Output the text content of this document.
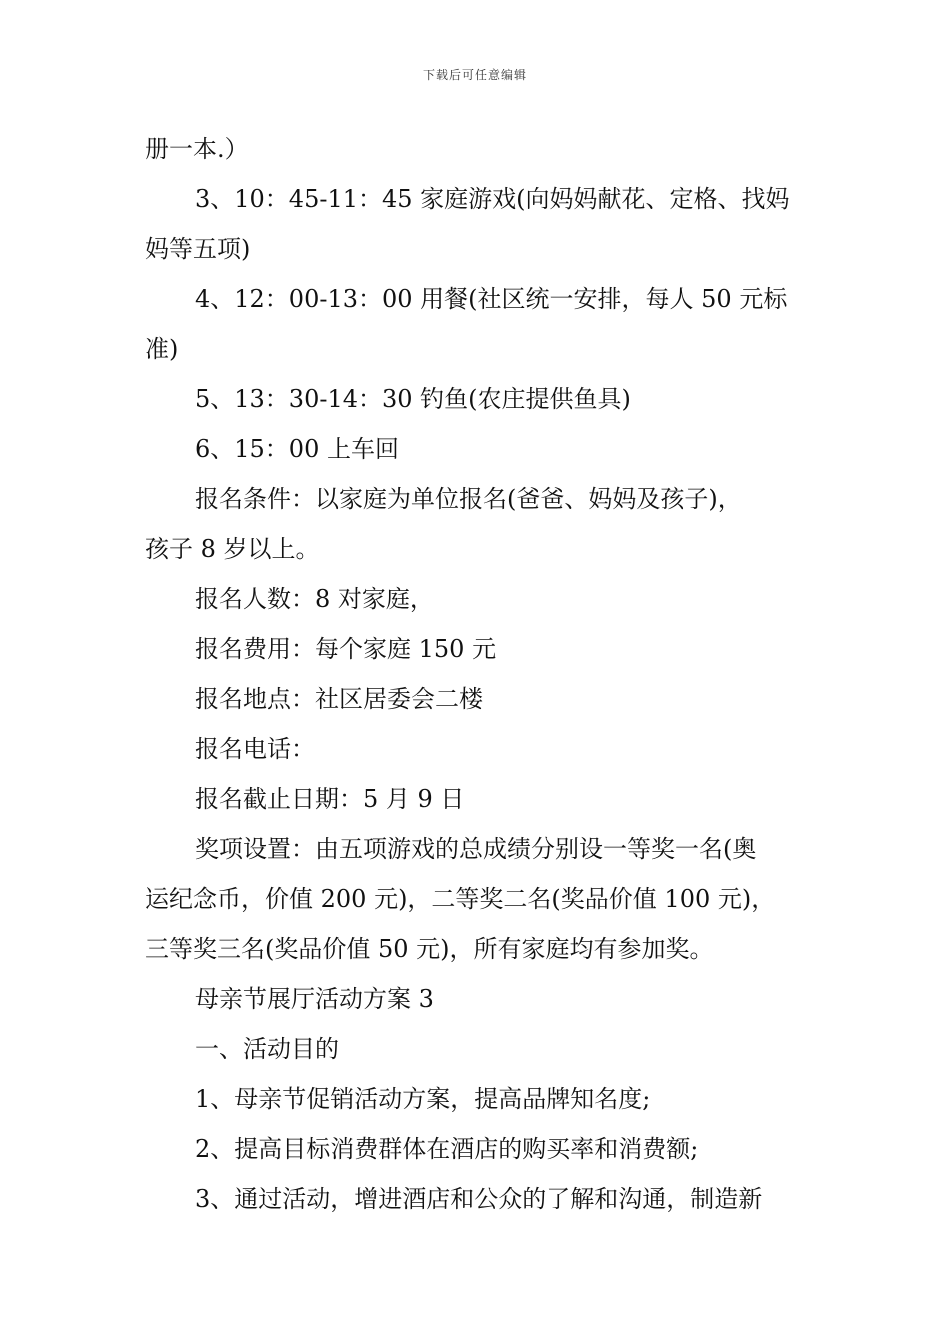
下载后可任意编辑
册一本.）
3、10：45-11：45 家庭游戏(向妈妈献花、定格、找妈
妈等五项)
4、12：00-13：00 用餐(社区统一安排，每人 50 元标
准)
5、13：30-14：30 钓鱼(农庄提供鱼具)
6、15：00 上车回
报名条件：以家庭为单位报名(爸爸、妈妈及孩子)，
孩子 8 岁以上。
报名人数：8 对家庭，
报名费用：每个家庭 150 元
报名地点：社区居委会二楼
报名电话：
报名截止日期：5 月 9 日
奖项设置：由五项游戏的总成绩分别设一等奖一名(奥
运纪念币，价值 200 元)，二等奖二名(奖品价值 100 元)，
三等奖三名(奖品价值 50 元)，所有家庭均有参加奖。
母亲节展厅活动方案 3
一、活动目的
1、母亲节促销活动方案，提高品牌知名度;
2、提高目标消费群体在酒店的购买率和消费额;
3、通过活动，增进酒店和公众的了解和沟通，制造新
